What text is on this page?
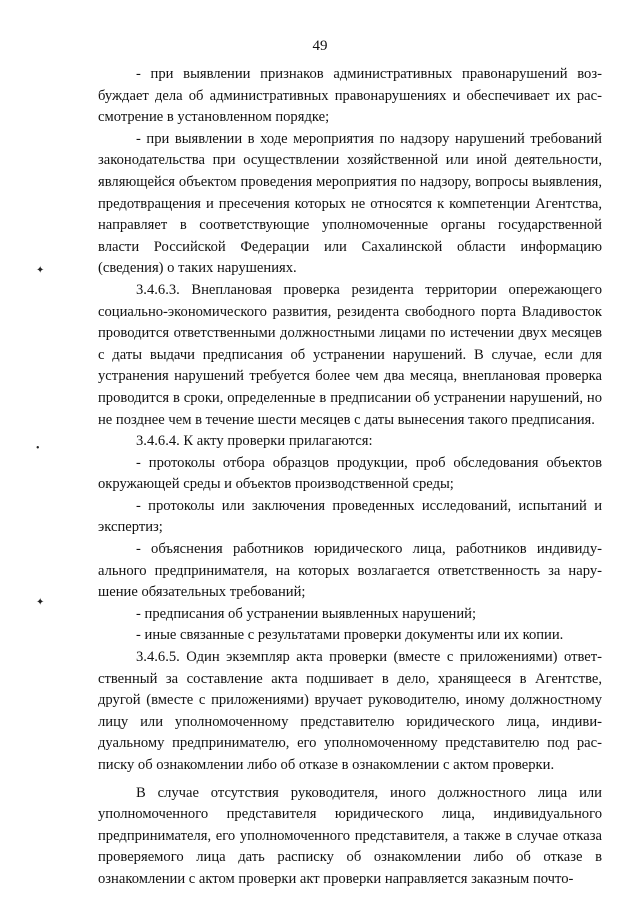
49
✦
•
✦

- при выявлении признаков административных правонарушений возбуждает дела об административных правонарушениях и обеспечивает их рассмотрение в установленном порядке;

- при выявлении в ходе мероприятия по надзору нарушений требований законодательства при осуществлении хозяйственной или иной деятельности, являющейся объектом проведения мероприятия по надзору, вопросы выявления, предотвращения и пресечения которых не относятся к компетенции Агентства, направляет в соответствующие уполномоченные органы государственной власти Российской Федерации или Сахалинской области информацию (сведения) о таких нарушениях.

3.4.6.3. Внеплановая проверка резидента территории опережающего социально-экономического развития, резидента свободного порта Владивосток проводится ответственными должностными лицами по истечении двух месяцев с даты выдачи предписания об устранении нарушений. В случае, если для устранения нарушений требуется более чем два месяца, внеплановая проверка проводится в сроки, определенные в предписании об устранении нарушений, но не позднее чем в течение шести месяцев с даты вынесения такого предписания.

3.4.6.4. К акту проверки прилагаются:

- протоколы отбора образцов продукции, проб обследования объектов окружающей среды и объектов производственной среды;

- протоколы или заключения проведенных исследований, испытаний и экспертиз;

- объяснения работников юридического лица, работников индивидуального предпринимателя, на которых возлагается ответственность за нарушение обязательных требований;

- предписания об устранении выявленных нарушений;

- иные связанные с результатами проверки документы или их копии.

3.4.6.5. Один экземпляр акта проверки (вместе с приложениями) ответственный за составление акта подшивает в дело, хранящееся в Агентстве, другой (вместе с приложениями) вручает руководителю, иному должностному лицу или уполномоченному представителю юридического лица, индивидуальному предпринимателю, его уполномоченному представителю под расписку об ознакомлении либо об отказе в ознакомлении с актом проверки.

В случае отсутствия руководителя, иного должностного лица или уполномоченного представителя юридического лица, индивидуального предпринимателя, его уполномоченного представителя, а также в случае отказа проверяемого лица дать расписку об ознакомлении либо об отказе в ознакомлении с актом проверки акт проверки направляется заказным почто-
